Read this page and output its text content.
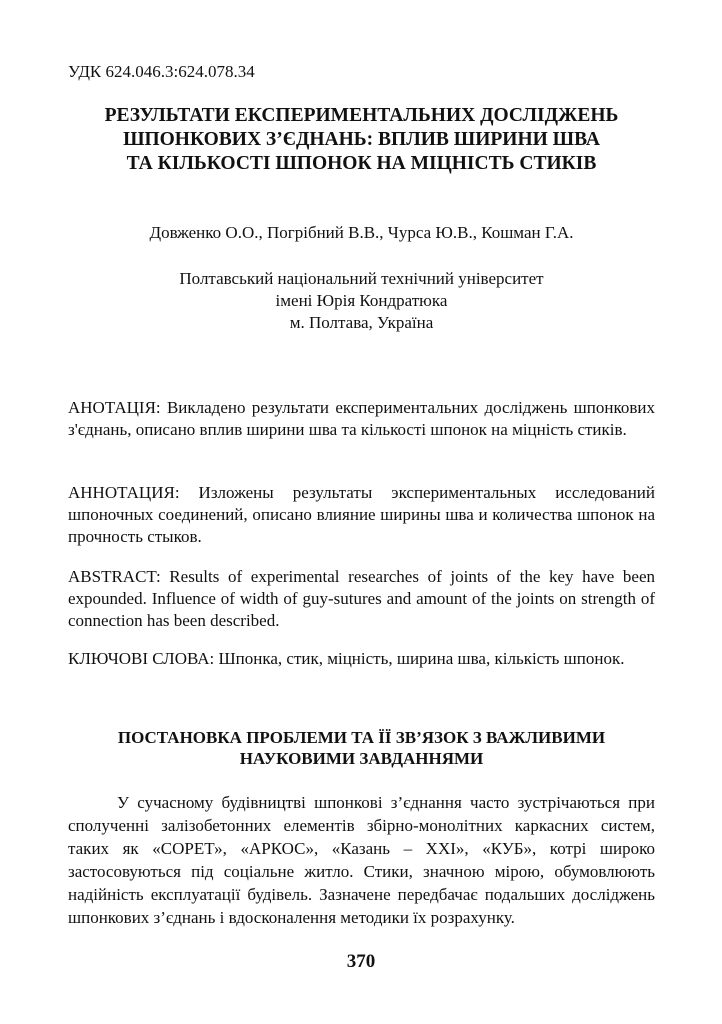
УДК 624.046.3:624.078.34

РЕЗУЛЬТАТИ ЕКСПЕРИМЕНТАЛЬНИХ ДОСЛІДЖЕНЬ
ШПОНКОВИХ З’ЄДНАНЬ: ВПЛИВ ШИРИНИ ШВА
ТА КІЛЬКОСТІ ШПОНОК НА МІЦНІСТЬ СТИКІВ

Довженко О.О., Погрібний В.В., Чурса Ю.В., Кошман Г.А.

Полтавський національний технічний університет
імені Юрія Кондратюка
м. Полтава, Україна

АНОТАЦІЯ: Викладено результати експериментальних досліджень шпонкових з'єднань, описано вплив ширини шва та кількості шпонок на міцність стиків.

АННОТАЦИЯ: Изложены результаты экспериментальных исследований шпоночных соединений, описано влияние ширины шва и количества шпонок на прочность стыков.

ABSTRACT: Results of experimental researches of joints of the key have been expounded. Influence of width of guy-sutures and amount of the joints on strength of connection has been described.

КЛЮЧОВІ СЛОВА: Шпонка, стик, міцність, ширина шва, кількість шпонок.

ПОСТАНОВКА ПРОБЛЕМИ ТА ЇЇ ЗВ’ЯЗОК З ВАЖЛИВИМИ
НАУКОВИМИ ЗАВДАННЯМИ

У сучасному будівництві шпонкові з’єднання часто зустрічаються при сполученні залізобетонних елементів збірно-монолітних каркасних систем, таких як «СОРЕТ», «АРКОС», «Казань – XXI», «КУБ», котрі широко застосовуються під соціальне житло. Стики, значною мірою, обумовлюють надійність експлуатації будівель. Зазначене передбачає подальших досліджень шпонкових з’єднань і вдосконалення методики їх розрахунку.

370
